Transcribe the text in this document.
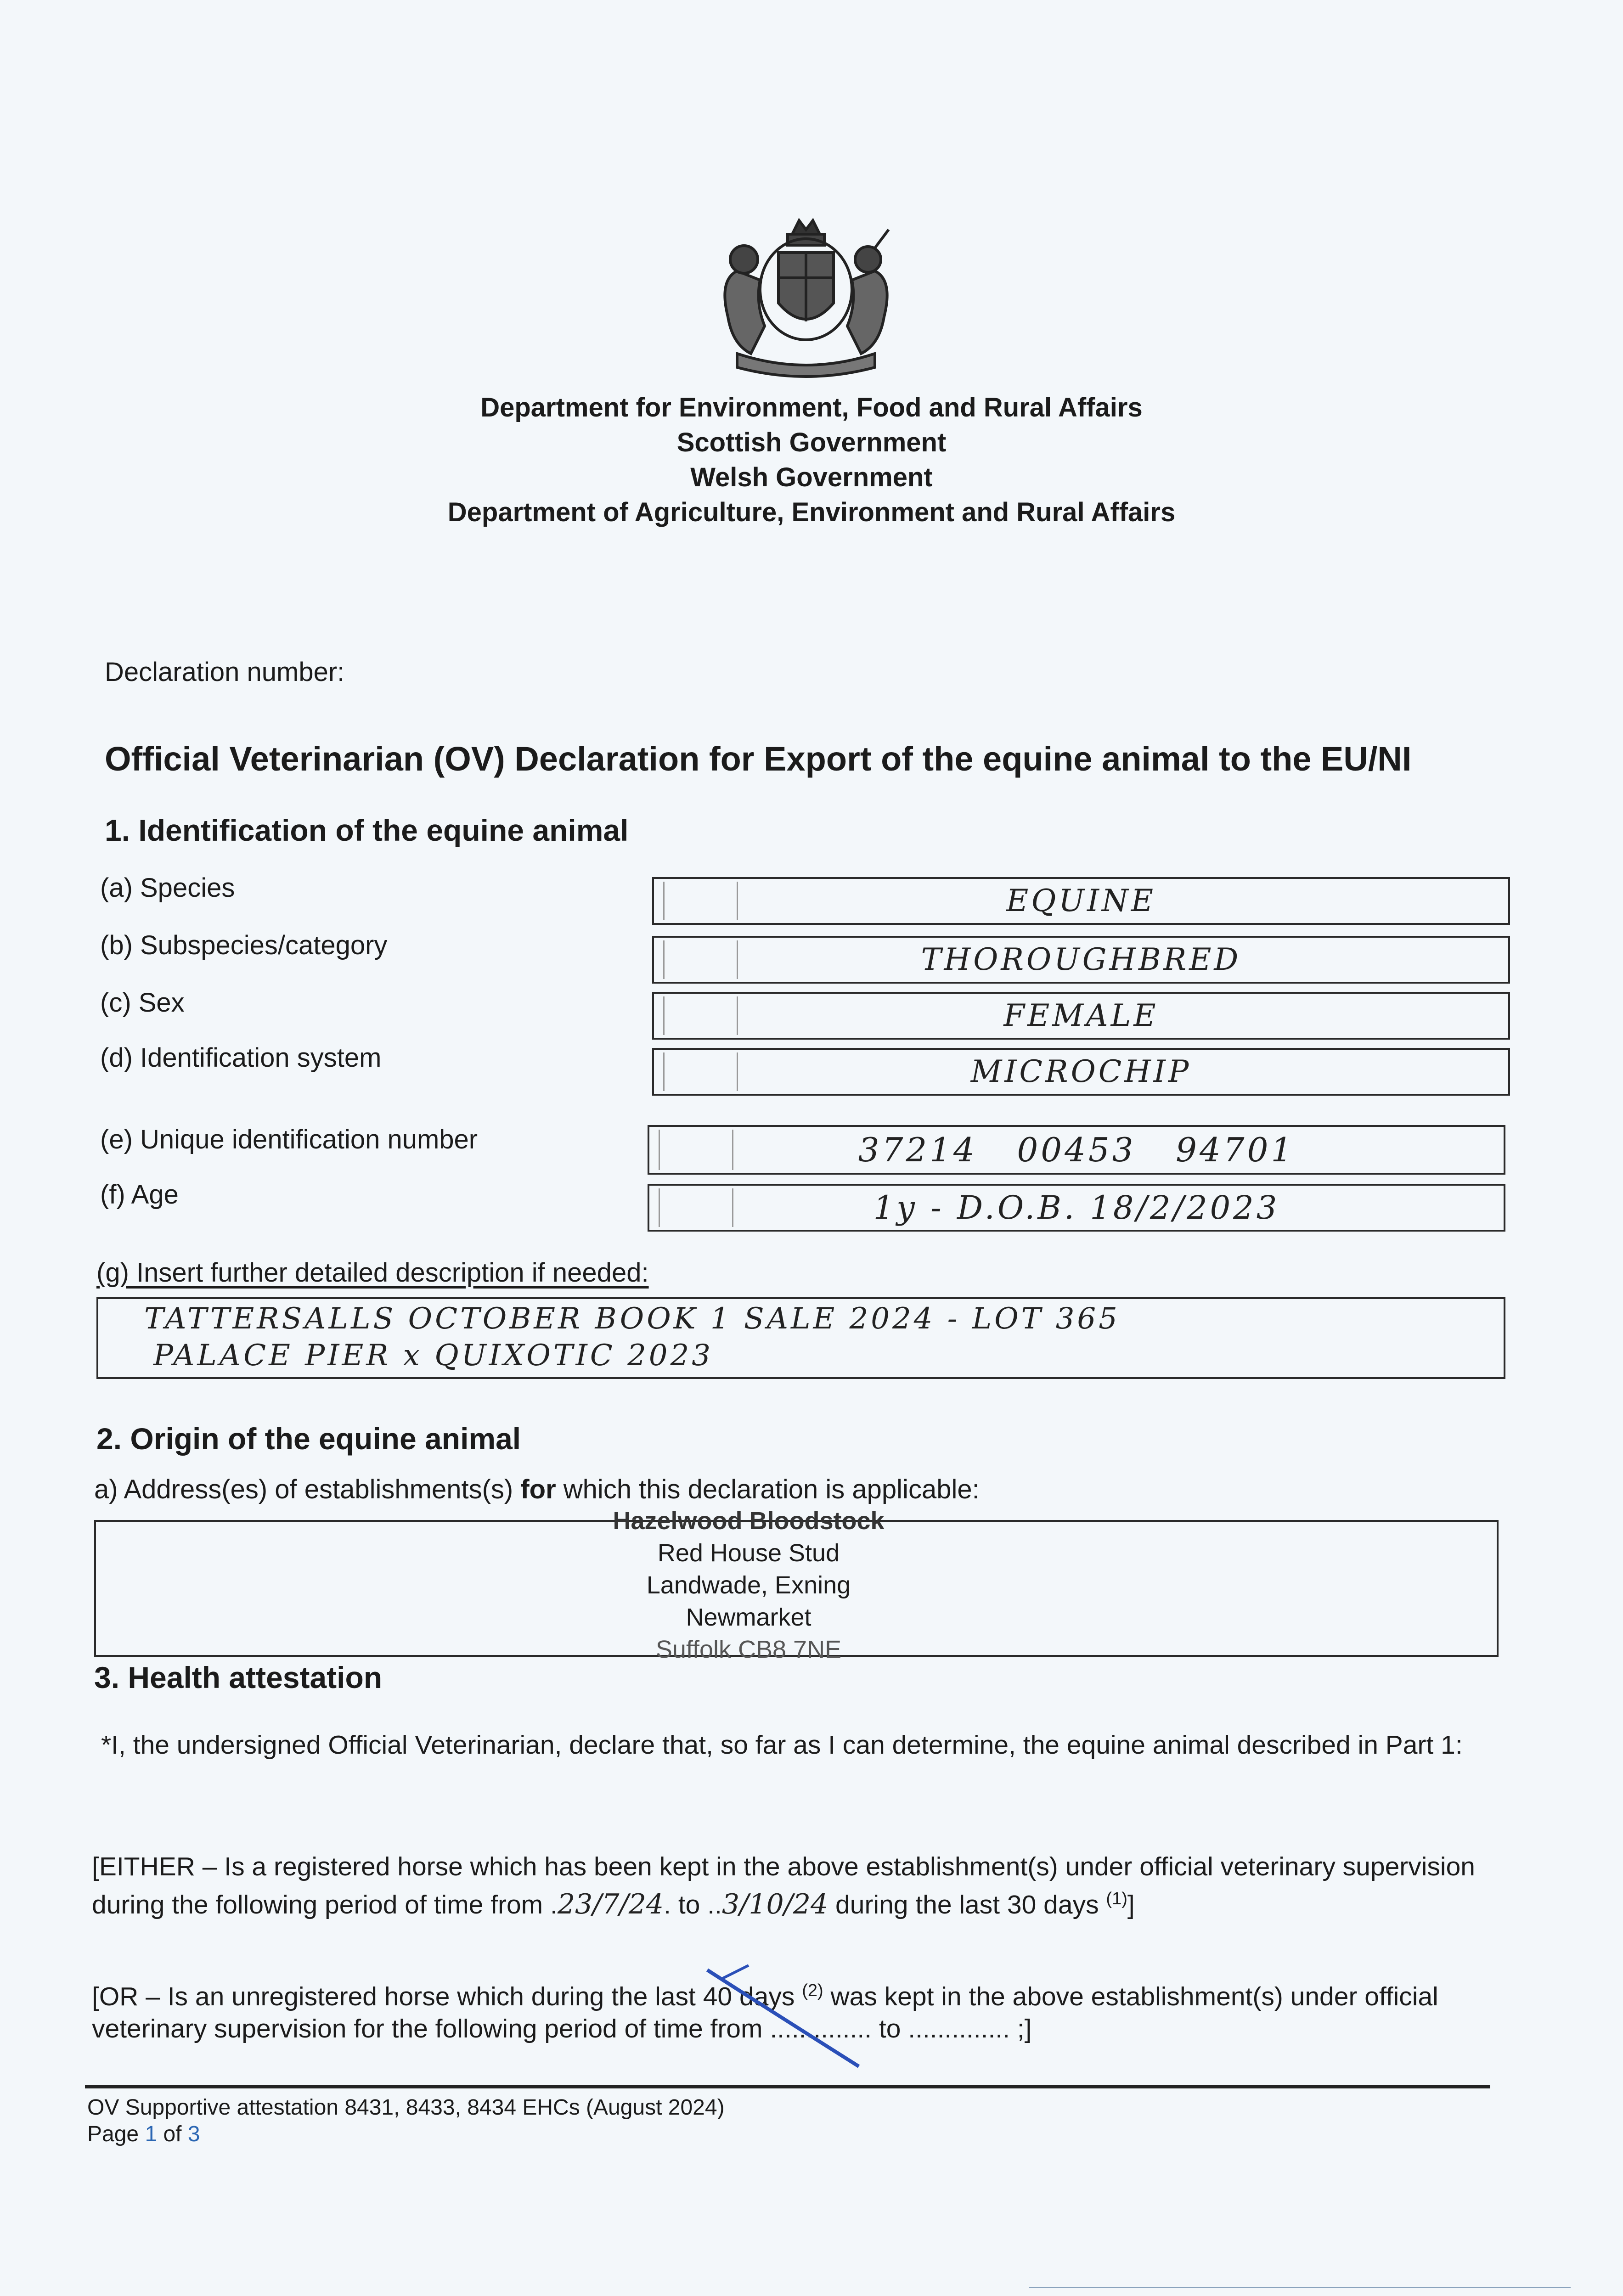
Department for Environment, Food and Rural Affairs
Scottish Government
Welsh Government
Department of Agriculture, Environment and Rural Affairs
Declaration number:
Official Veterinarian (OV) Declaration for Export of the equine animal to the EU/NI
1. Identification of the equine animal
(a) Species	EQUINE
(b) Subspecies/category	THOROUGHBRED
(c) Sex	FEMALE
(d) Identification system	MICROCHIP
(e) Unique identification number	37214   00453   94701
(f) Age	1y - D.O.B. 18/2/2023
(g) Insert further detailed description if needed:
TATTERSALLS OCTOBER BOOK 1 SALE 2024 - LOT 365
PALACE PIER x QUIXOTIC 2023
2. Origin of the equine animal
a) Address(es) of establishments(s) for which this declaration is applicable:
Hazelwood Bloodstock
Red House Stud
Landwade, Exning
Newmarket
Suffolk CB8 7NE
3. Health attestation
*I, the undersigned Official Veterinarian, declare that, so far as I can determine, the equine animal described in Part 1:
[EITHER – Is a registered horse which has been kept in the above establishment(s) under official veterinary supervision during the following period of time from .23/7/24. to ..3/10/24 during the last 30 days $^{(1)}$]
[OR – Is an unregistered horse which during the last 40 days $^{(2)}$ was kept in the above establishment(s) under official veterinary supervision for the following period of time from .............. to .............. ;]
OV Supportive attestation 8431, 8433, 8434 EHCs (August 2024)
Page 1 of 3
